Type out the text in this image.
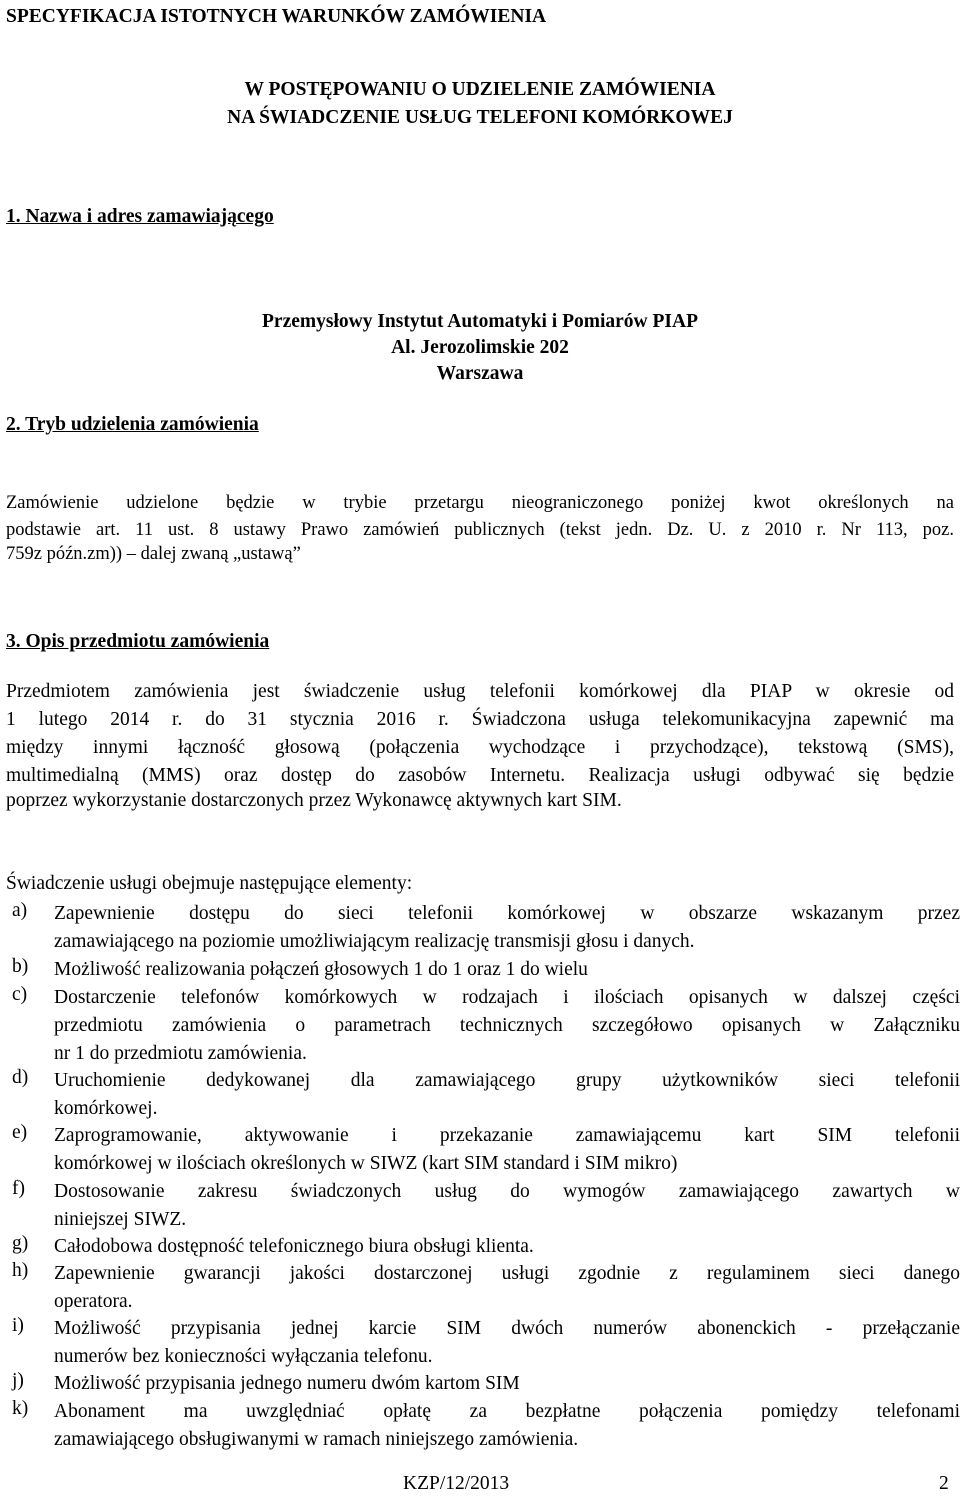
SPECYFIKACJA ISTOTNYCH WARUNKÓW ZAMÓWIENIA
W POSTĘPOWANIU O UDZIELENIE ZAMÓWIENIA
NA ŚWIADCZENIE USŁUG TELEFONI KOMÓRKOWEJ
1. Nazwa i adres zamawiającego
Przemysłowy Instytut Automatyki i Pomiarów PIAP
Al. Jerozolimskie 202
Warszawa
2. Tryb udzielenia zamówienia
Zamówienie udzielone będzie w trybie przetargu nieograniczonego poniżej kwot określonych na
podstawie art. 11 ust. 8 ustawy Prawo zamówień publicznych (tekst jedn. Dz. U. z 2010 r. Nr 113, poz.
759z późn.zm)) – dalej zwaną „ustawą”
3. Opis przedmiotu zamówienia
Przedmiotem zamówienia jest świadczenie usług telefonii komórkowej dla PIAP w okresie od
1 lutego 2014 r. do 31 stycznia 2016 r. Świadczona usługa telekomunikacyjna zapewnić ma
między innymi łączność głosową (połączenia wychodzące i przychodzące), tekstową (SMS),
multimedialną (MMS) oraz dostęp do zasobów Internetu. Realizacja usługi odbywać się będzie
poprzez wykorzystanie dostarczonych przez Wykonawcę aktywnych kart SIM.
Świadczenie usługi obejmuje następujące elementy:
a) Zapewnienie dostępu do sieci telefonii komórkowej w obszarze wskazanym przez
zamawiającego na poziomie umożliwiającym realizację transmisji głosu i danych.
b) Możliwość realizowania połączeń głosowych 1 do 1 oraz 1 do wielu
c) Dostarczenie telefonów komórkowych w rodzajach i ilościach opisanych w dalszej części
przedmiotu zamówienia o parametrach technicznych szczegółowo opisanych w Załączniku
nr 1 do przedmiotu zamówienia.
d) Uruchomienie dedykowanej dla zamawiającego grupy użytkowników sieci telefonii
komórkowej.
e) Zaprogramowanie, aktywowanie i przekazanie zamawiającemu kart SIM telefonii
komórkowej w ilościach określonych w SIWZ (kart SIM standard i SIM mikro)
f) Dostosowanie zakresu świadczonych usług do wymogów zamawiającego zawartych w
niniejszej SIWZ.
g) Całodobowa dostępność telefonicznego biura obsługi klienta.
h) Zapewnienie gwarancji jakości dostarczonej usługi zgodnie z regulaminem sieci danego
operatora.
i) Możliwość przypisania jednej karcie SIM dwóch numerów abonenckich - przełączanie
numerów bez konieczności wyłączania telefonu.
j) Możliwość przypisania jednego numeru dwóm kartom SIM
k) Abonament ma uwzględniać opłatę za bezpłatne połączenia pomiędzy telefonami
zamawiającego obsługiwanymi w ramach niniejszego zamówienia.
KZP/12/2013	2
